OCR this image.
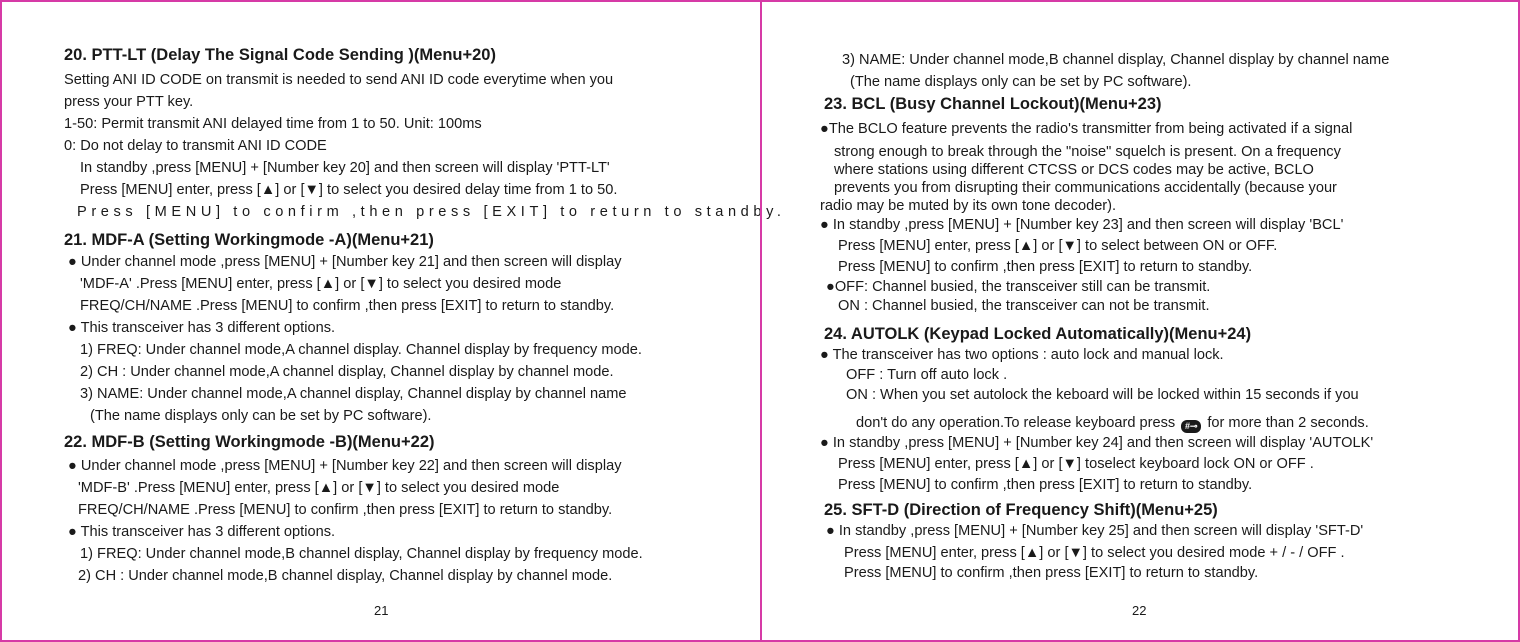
20. PTT-LT (Delay The Signal Code Sending )(Menu+20)
Setting ANI ID CODE on transmit is needed to send ANI ID code everytime when you
press your PTT key.
1-50: Permit transmit ANI delayed time from 1 to 50. Unit: 100ms
0: Do not delay to transmit ANI ID CODE
In standby ,press [MENU] + [Number key 20] and then screen will display 'PTT-LT'
Press [MENU] enter, press [▲] or [▼] to select you desired delay time from 1 to 50.
Press [MENU] to confirm ,then press [EXIT] to return to standby.
21. MDF-A (Setting Workingmode -A)(Menu+21)
● Under channel mode ,press [MENU] + [Number key 21] and then screen will display
'MDF-A' .Press [MENU] enter, press [▲] or [▼] to select you desired mode
FREQ/CH/NAME .Press [MENU] to confirm ,then press [EXIT] to return to standby.
● This transceiver has 3 different options.
1) FREQ: Under channel mode,A channel display. Channel display by frequency mode.
2) CH : Under channel mode,A channel display, Channel display by channel mode.
3) NAME: Under channel mode,A channel display, Channel display by channel name
(The name displays only can be set by PC software).
22. MDF-B (Setting Workingmode -B)(Menu+22)
● Under channel mode ,press [MENU] + [Number key 22] and then screen will display
'MDF-B' .Press [MENU] enter, press [▲] or [▼] to select you desired mode
FREQ/CH/NAME .Press [MENU] to confirm ,then press [EXIT] to return to standby.
● This transceiver has 3 different options.
1) FREQ: Under channel mode,B channel display, Channel display by frequency mode.
2) CH : Under channel mode,B channel display, Channel display by channel mode.
21
3) NAME: Under channel mode,B channel display, Channel display by channel name
(The name displays only can be set by PC software).
23. BCL (Busy Channel Lockout)(Menu+23)
●The BCLO feature prevents the radio's transmitter from being activated if a signal
strong enough to break through the "noise" squelch is present. On a frequency
where stations using different CTCSS or DCS codes may be active, BCLO
prevents you from disrupting their communications accidentally (because your
radio may be muted by its own tone decoder).
● In standby ,press [MENU] + [Number key 23] and then screen will display 'BCL'
Press [MENU] enter, press [▲] or [▼] to select between ON or OFF.
Press [MENU] to confirm ,then press [EXIT] to return to standby.
●OFF: Channel busied, the transceiver still can be transmit.
ON : Channel busied, the transceiver can not be transmit.
24. AUTOLK (Keypad Locked Automatically)(Menu+24)
● The transceiver has two options : auto lock and manual lock.
OFF : Turn off auto lock .
ON : When you set autolock the keboard will be locked within 15 seconds if you
don't do any operation.To release keyboard press #⊸ for more than 2 seconds.
● In standby ,press [MENU] + [Number key 24] and then screen will display 'AUTOLK'
Press [MENU] enter, press [▲] or [▼] toselect keyboard lock ON or OFF .
Press [MENU] to confirm ,then press [EXIT] to return to standby.
25. SFT-D (Direction of Frequency Shift)(Menu+25)
● In standby ,press [MENU] + [Number key 25] and then screen will display 'SFT-D'
Press [MENU] enter, press [▲] or [▼] to select you desired mode + / - / OFF .
Press [MENU] to confirm ,then press [EXIT] to return to standby.
22
